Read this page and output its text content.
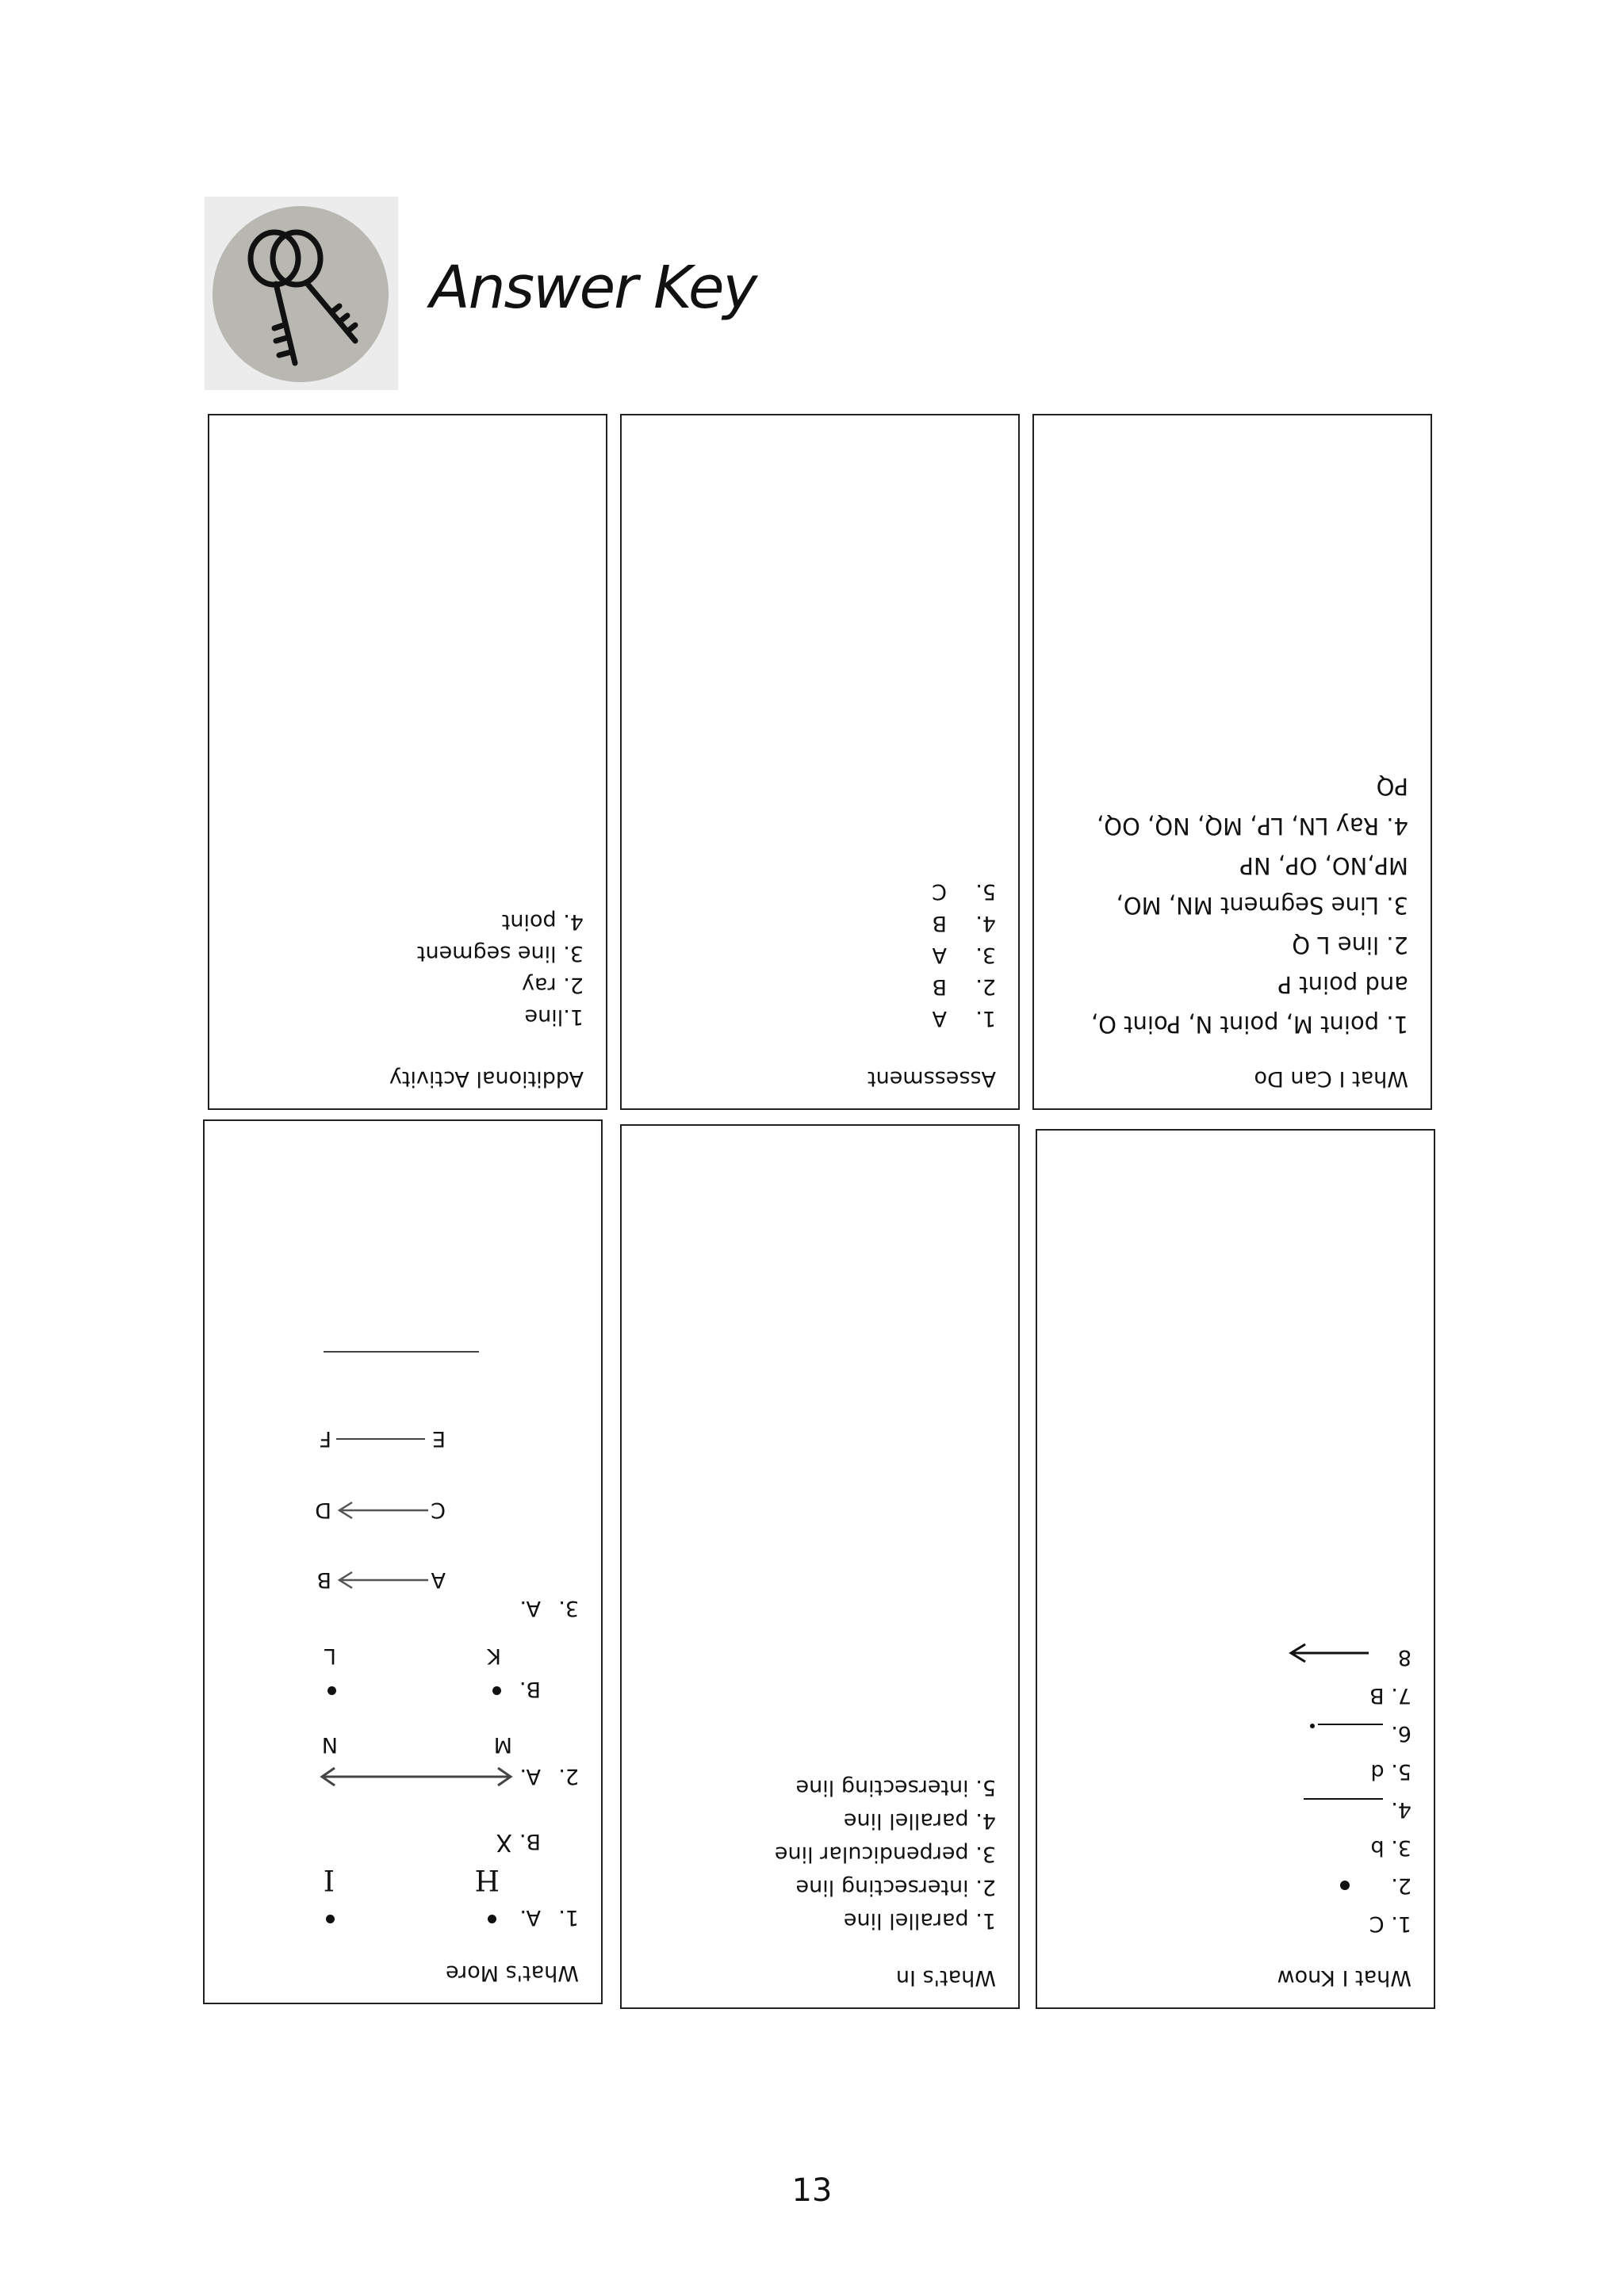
Answer Key
What I Can Do
1. point M, point N, Point O,
and point P
2. line L Q
3. Line Segment MN, MO,
MP,NO, OP, NP
4. Ray LN, LP, MQ, NQ, OQ,
PQ
Assessment
1.
A
2.
B
3.
A
4.
B
5.
C
Additional Activity
1.line
2. ray
3. line segment
4. point
What I Know
1. C
2.
3. b
4.
5. d
6.
7. B
8
What's In
1. parallel line
2. intersecting line
3. perpendicular line
4. parallel line
5. intersecting line
What's More
1.
A.
H
I
B.
X
2.
A.
M
N
B.
K
L
3.
A.
A
B
C
D
E
F
13
